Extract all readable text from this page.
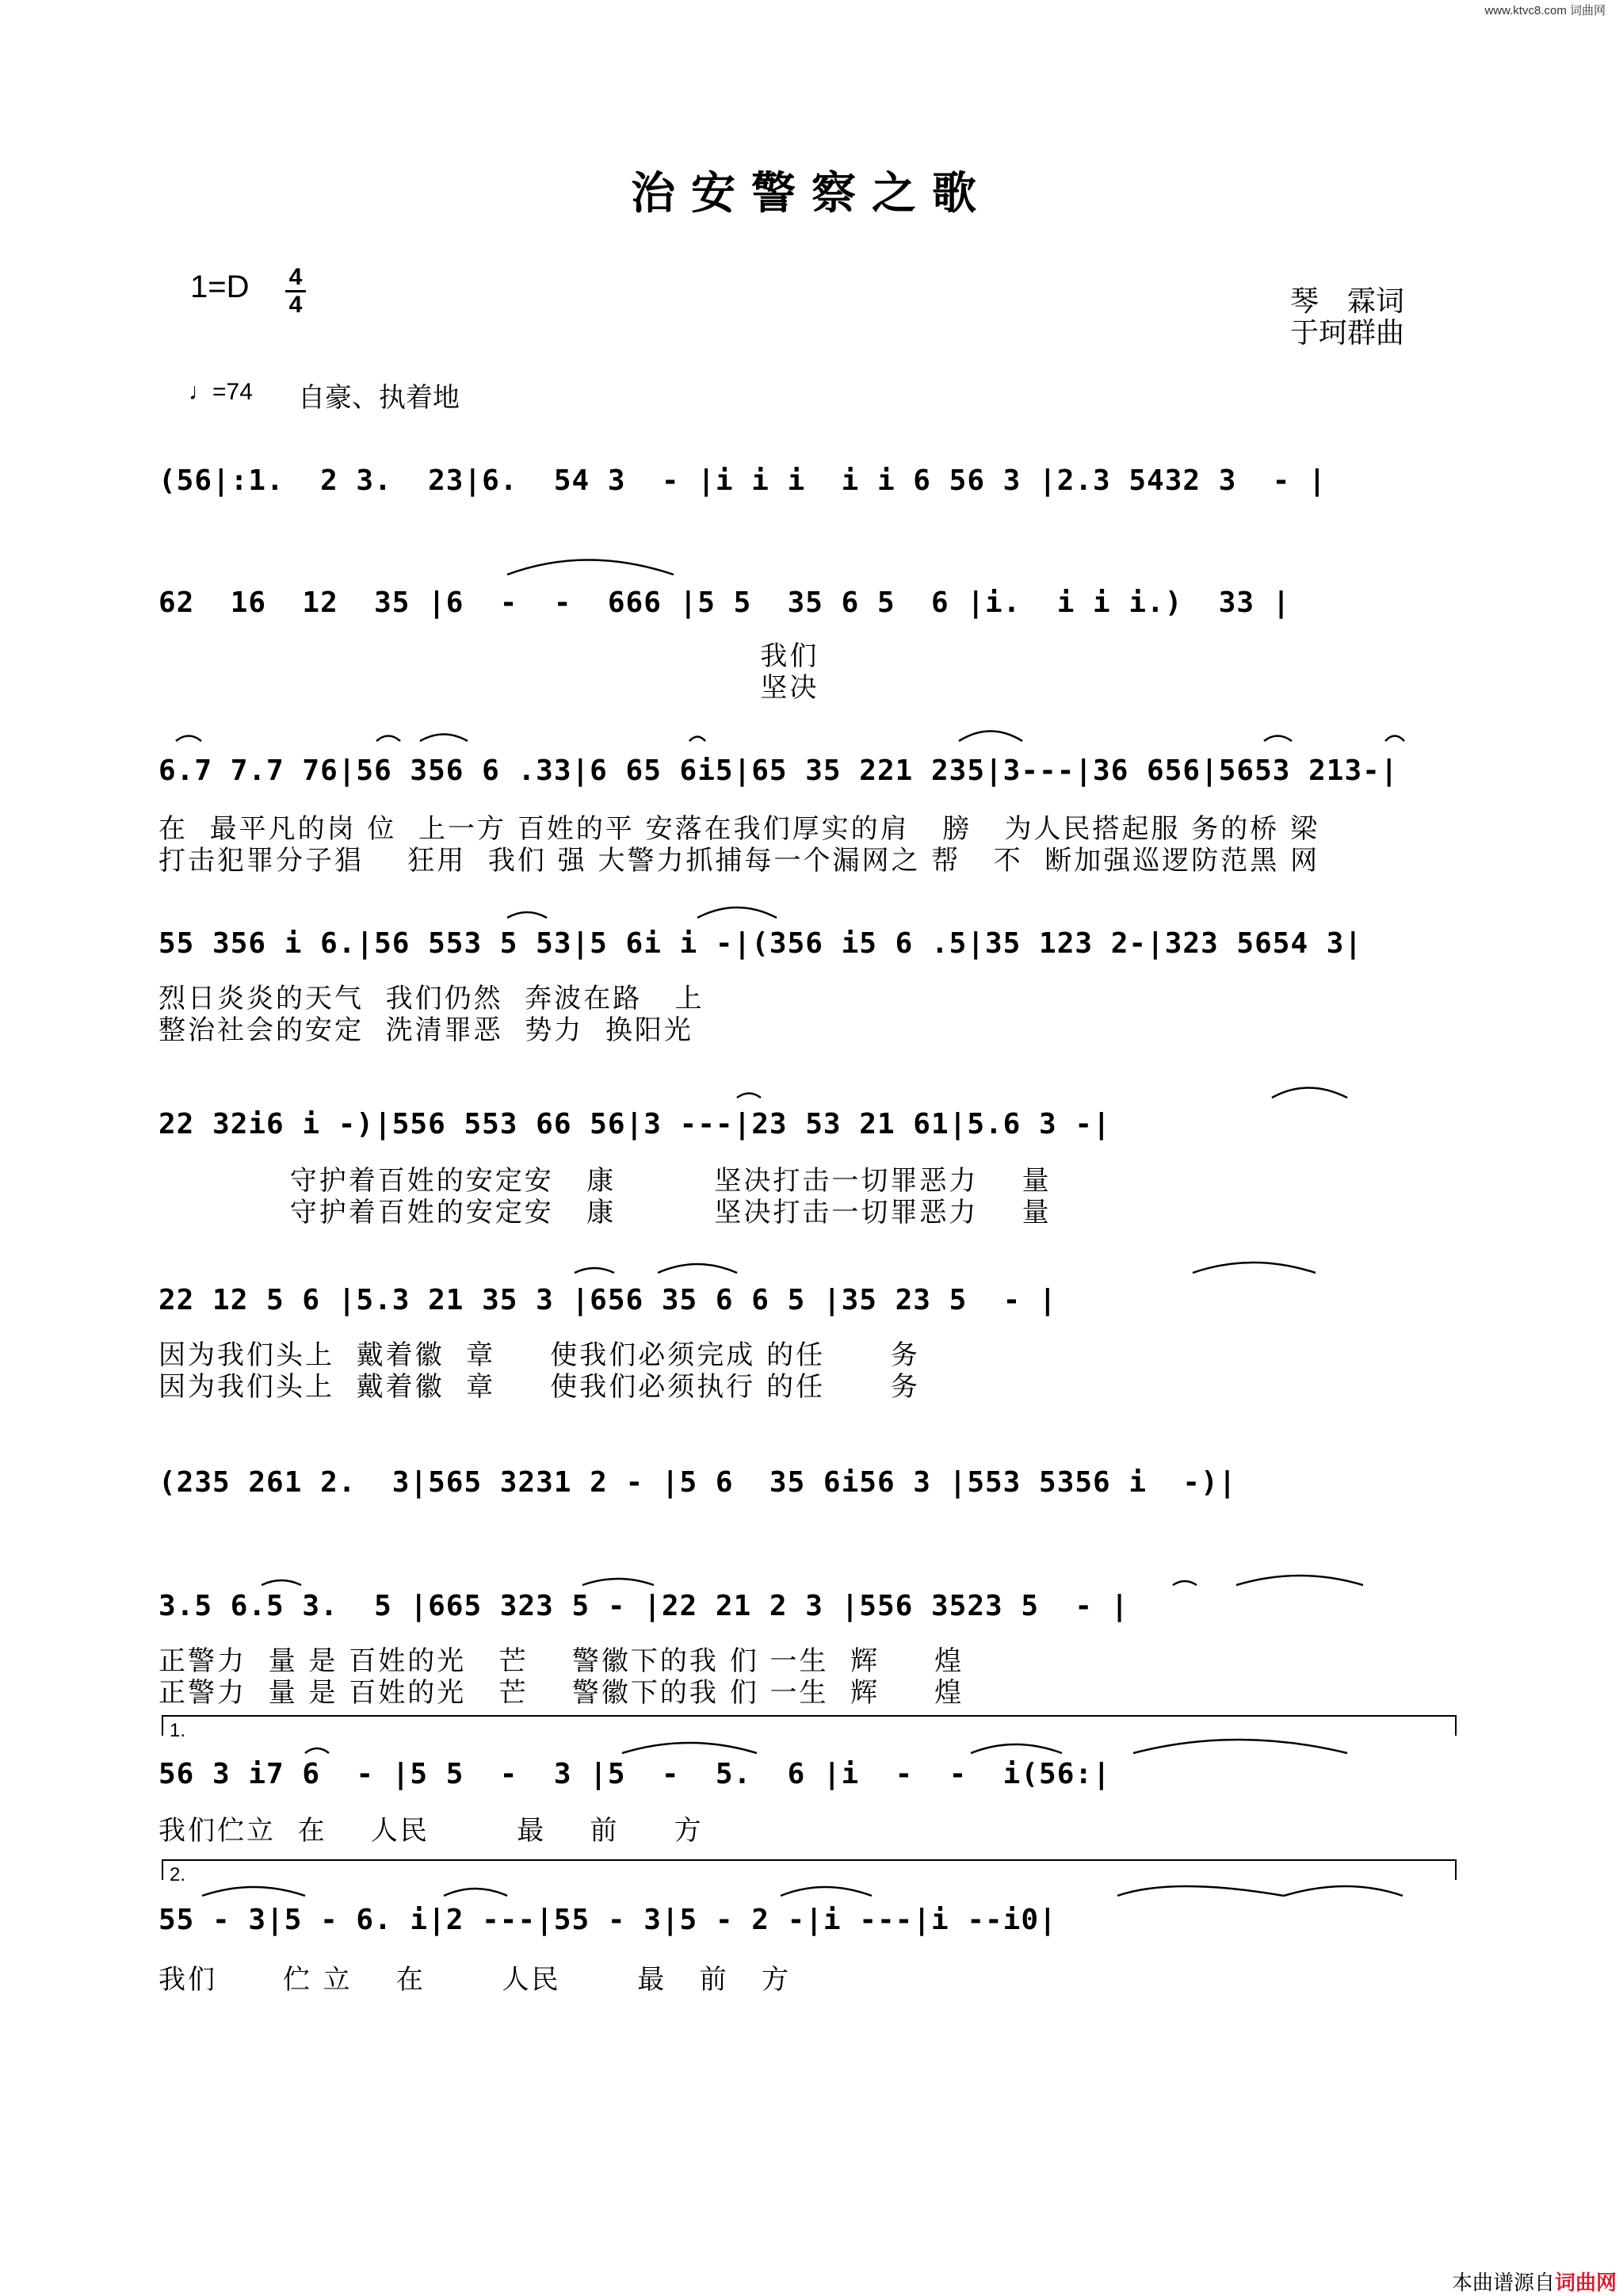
www.ktvc8.com 词曲网
治安警察之歌
1=D 4
4	琴　霖词
于珂群曲
♩=74 自豪、执着地
(56|:1.  2 3.  23|6.  54 3  - |i i i  i i 6 56 3 |2.3 5432 3  - |
62  16  12  35 |6  -  -  666 |5 5  35 6 5  6 |i.  i i i.)  33 |
我们
坚决
6.7 7.7 76|56 356 6 .33|6 65 6i5|65 35 221 235|3---|36 656|5653 213-|
在  最平凡的岗 位  上一方 百姓的平 安落在我们厚实的肩   膀   为人民搭起服 务的桥 梁
打击犯罪分子猖    狂用  我们 强 大警力抓捕每一个漏网之 帮   不  断加强巡逻防范黑 网
55 356 i 6.|56 553 5 53|5 6i i -|(356 i5 6 .5|35 123 2-|323 5654 3|
烈日炎炎的天气  我们仍然  奔波在路   上
整治社会的安定  洗清罪恶  势力  换阳光
22 32i6 i -)|556 553 66 56|3 ---|23 53 21 61|5.6 3 -|
守护着百姓的安定安   康         坚决打击一切罪恶力    量
守护着百姓的安定安   康         坚决打击一切罪恶力    量
22 12 5 6 |5.3 21 35 3 |656 35 6 6 5 |35 23 5  - |
因为我们头上  戴着徽  章     使我们必须完成 的任      务
因为我们头上  戴着徽  章     使我们必须执行 的任      务
(235 261 2.  3|565 3231 2 - |5 6  35 6i56 3 |553 5356 i  -)|
3.5 6.5 3.  5 |665 323 5 - |22 21 2 3 |556 3523 5  - |
正警力  量 是 百姓的光   芒    警徽下的我 们 一生  辉     煌
正警力  量 是 百姓的光   芒    警徽下的我 们 一生  辉     煌
1.
56 3 i7 6  - |5 5  -  3 |5  -  5.  6 |i  -  -  i(56:|
我们伫立  在    人民        最    前     方
2.
55 - 3|5 - 6. i|2 ---|55 - 3|5 - 2 -|i ---|i --i0|
我们      伫 立    在       人民       最   前   方
本曲谱源自词曲网
